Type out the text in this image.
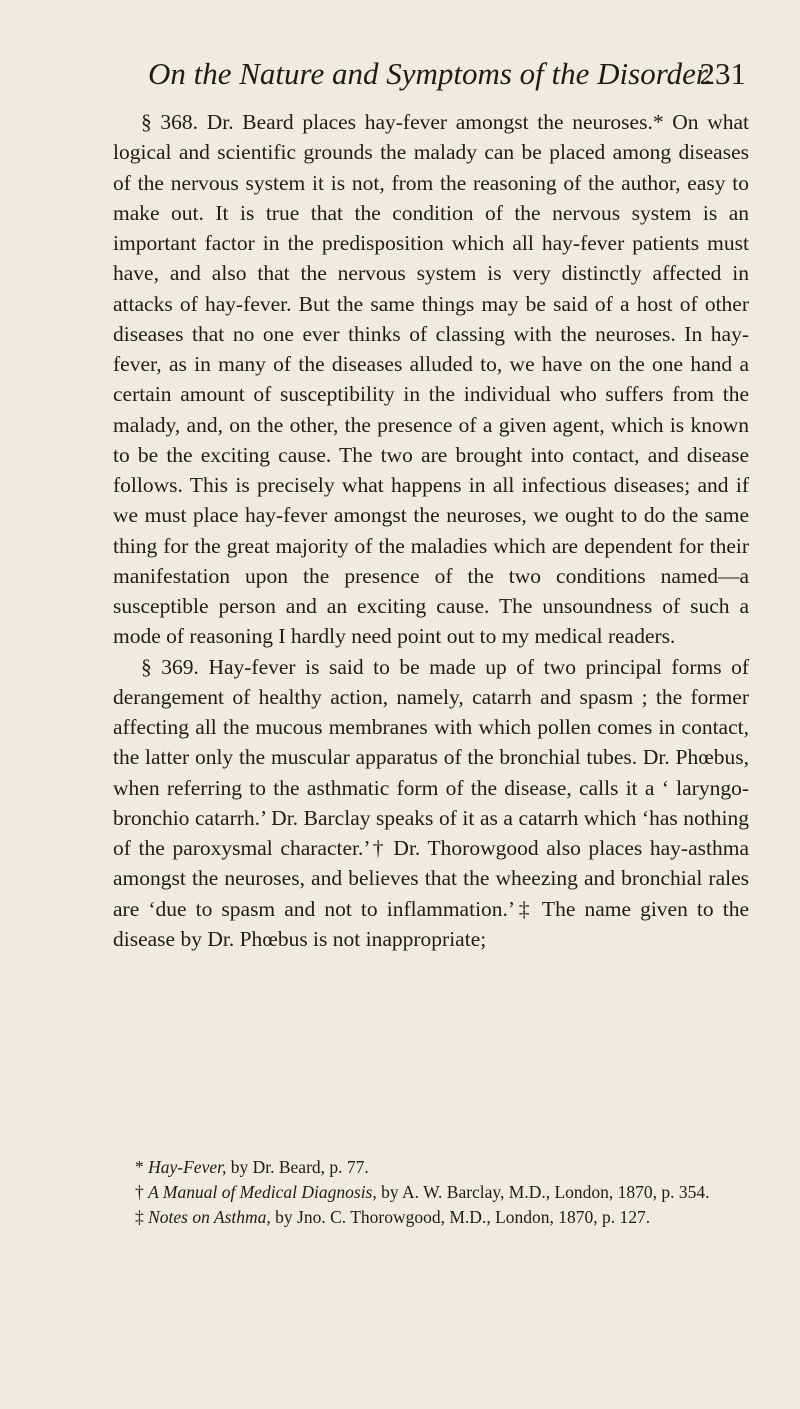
On the Nature and Symptoms of the Disorder.
231

§ 368. Dr. Beard places hay-fever amongst the neuroses.* On what logical and scientific grounds the malady can be placed among diseases of the nervous system it is not, from the reasoning of the author, easy to make out. It is true that the condition of the nervous system is an important factor in the predisposition which all hay-fever patients must have, and also that the nervous system is very distinctly affected in attacks of hay-fever. But the same things may be said of a host of other diseases that no one ever thinks of classing with the neuroses. In hay-fever, as in many of the diseases alluded to, we have on the one hand a certain amount of susceptibility in the individual who suffers from the malady, and, on the other, the presence of a given agent, which is known to be the exciting cause. The two are brought into contact, and disease follows. This is precisely what happens in all infectious diseases; and if we must place hay-fever amongst the neuroses, we ought to do the same thing for the great majority of the maladies which are dependent for their manifestation upon the presence of the two conditions named—a susceptible person and an exciting cause. The unsoundness of such a mode of reasoning I hardly need point out to my medical readers.

§ 369. Hay-fever is said to be made up of two principal forms of derangement of healthy action, namely, catarrh and spasm ; the former affecting all the mucous membranes with which pollen comes in contact, the latter only the muscular apparatus of the bronchial tubes. Dr. Phœbus, when referring to the asthmatic form of the disease, calls it a ‘ laryngo-bronchio catarrh.’ Dr. Barclay speaks of it as a catarrh which ‘has nothing of the paroxysmal character.’† Dr. Thorowgood also places hay-asthma amongst the neuroses, and believes that the wheezing and bronchial rales are ‘due to spasm and not to inflammation.’‡ The name given to the disease by Dr. Phœbus is not inappropriate;

* Hay-Fever, by Dr. Beard, p. 77.

† A Manual of Medical Diagnosis, by A. W. Barclay, M.D., London, 1870, p. 354.

‡ Notes on Asthma, by Jno. C. Thorowgood, M.D., London, 1870, p. 127.
